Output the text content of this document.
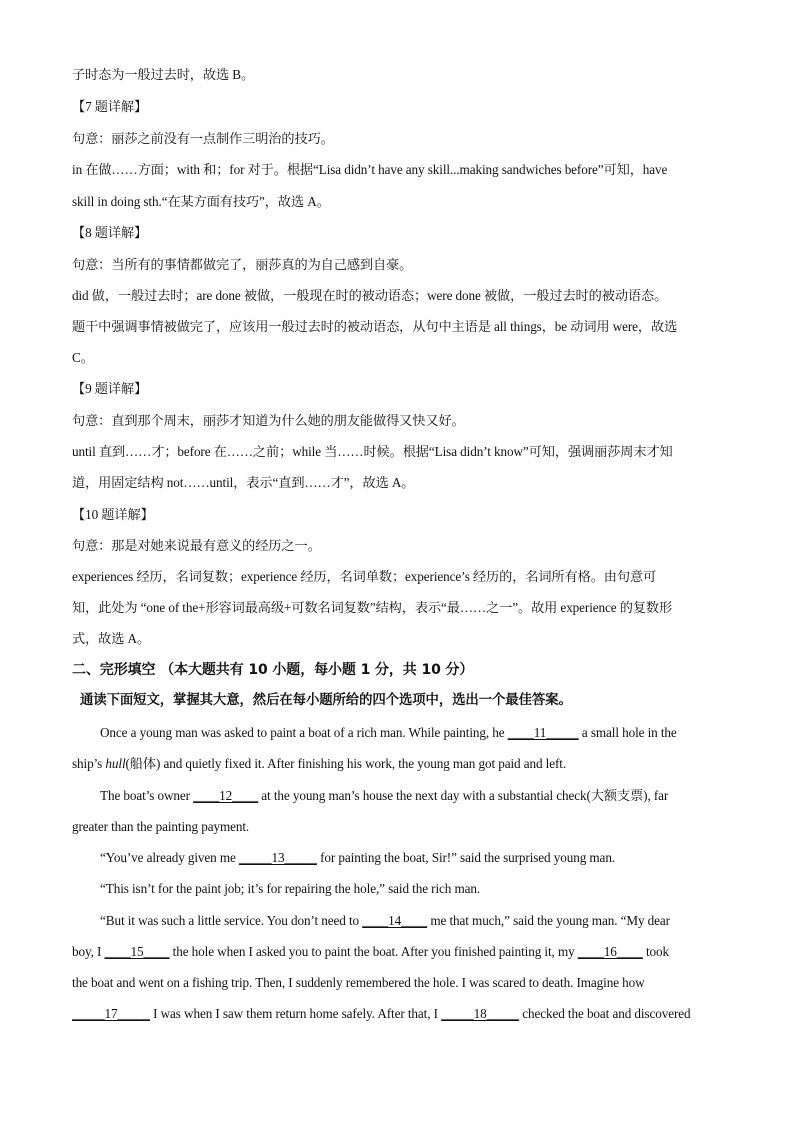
子时态为一般过去时，故选 B。
【7 题详解】
句意：丽莎之前没有一点制作三明治的技巧。
in 在做……方面；with 和；for 对于。根据“Lisa didn’t have any skill...making sandwiches before”可知，have
skill in doing sth.“在某方面有技巧”，故选 A。
【8 题详解】
句意：当所有的事情都做完了，丽莎真的为自己感到自豪。
did 做，一般过去时；are done 被做，一般现在时的被动语态；were done 被做，一般过去时的被动语态。
题干中强调事情被做完了，应该用一般过去时的被动语态，从句中主语是 all things，be 动词用 were，故选
C。
【9 题详解】
句意：直到那个周末，丽莎才知道为什么她的朋友能做得又快又好。
until 直到……才；before 在……之前；while 当……时候。根据“Lisa didn’t know”可知，强调丽莎周末才知
道，用固定结构 not……until，表示“直到……才”，故选 A。
【10 题详解】
句意：那是对她来说最有意义的经历之一。
experiences 经历，名词复数；experience 经历，名词单数；experience’s 经历的，名词所有格。由句意可
知，此处为 “one of the+形容词最高级+可数名词复数”结构，表示“最……之一”。故用 experience 的复数形
式，故选 A。
二、完形填空 （本大题共有 10 小题，每小题 1 分，共 10 分）
通读下面短文，掌握其大意，然后在每小题所给的四个选项中，选出一个最佳答案。
Once a young man was asked to paint a boat of a rich man. While painting, he ____11_____ a small hole in the
ship’s hull(船体) and quietly fixed it. After finishing his work, the young man got paid and left.
The boat’s owner ____12____ at the young man’s house the next day with a substantial check(大额支票), far
greater than the painting payment.
“You’ve already given me _____13_____ for painting the boat, Sir!” said the surprised young man.
“This isn’t for the paint job; it’s for repairing the hole,” said the rich man.
“But it was such a little service. You don’t need to ____14____ me that much,” said the young man. “My dear
boy, I ____15____ the hole when I asked you to paint the boat. After you finished painting it, my ____16____ took
the boat and went on a fishing trip. Then, I suddenly remembered the hole. I was scared to death. Imagine how
_____17_____ I was when I saw them return home safely. After that, I _____18_____ checked the boat and discovered
